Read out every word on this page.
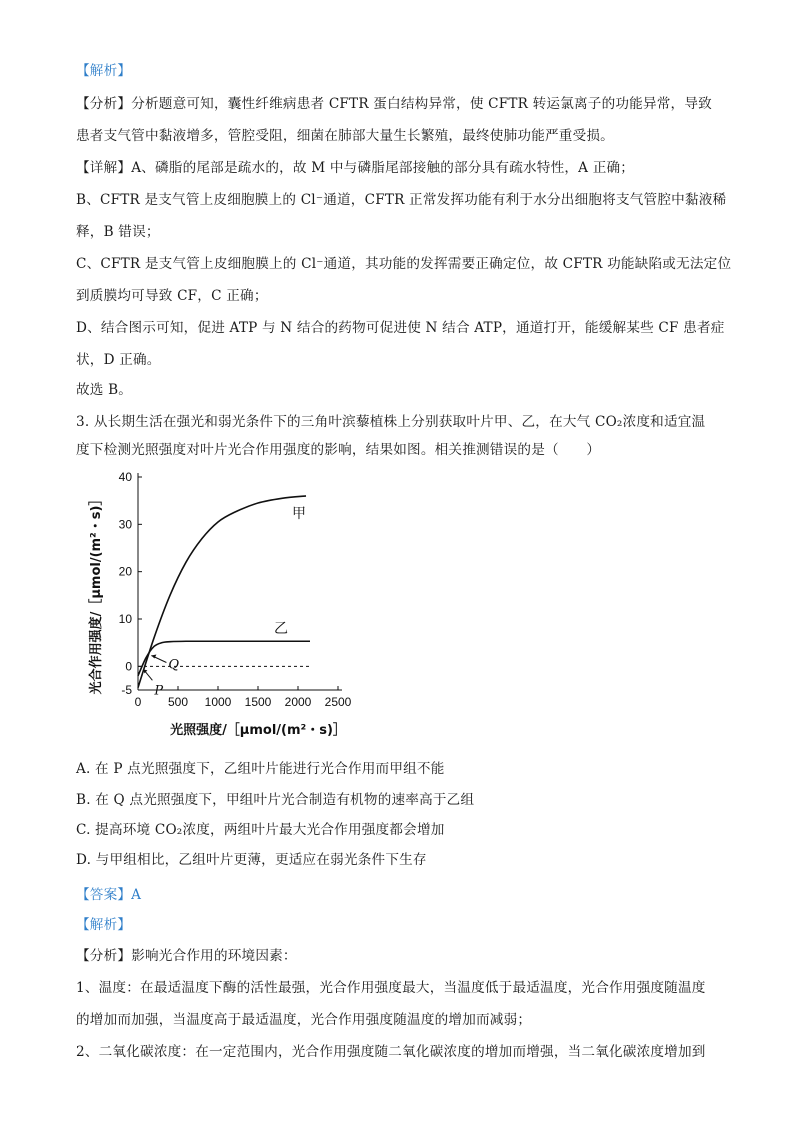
【解析】
【分析】分析题意可知，囊性纤维病患者 CFTR 蛋白结构异常，使 CFTR 转运氯离子的功能异常，导致
患者支气管中黏液增多，管腔受阻，细菌在肺部大量生长繁殖，最终使肺功能严重受损。
【详解】A、磷脂的尾部是疏水的，故 M 中与磷脂尾部接触的部分具有疏水特性，A 正确；
B、CFTR 是支气管上皮细胞膜上的 Cl⁻通道，CFTR 正常发挥功能有利于水分出细胞将支气管腔中黏液稀
释，B 错误；
C、CFTR 是支气管上皮细胞膜上的 Cl⁻通道，其功能的发挥需要正确定位，故 CFTR 功能缺陷或无法定位
到质膜均可导致 CF，C 正确；
D、结合图示可知，促进 ATP 与 N 结合的药物可促进使 N 结合 ATP，通道打开，能缓解某些 CF 患者症
状，D 正确。
故选 B。
3. 从长期生活在强光和弱光条件下的三角叶滨藜植株上分别获取叶片甲、乙，在大气 CO₂浓度和适宜温
度下检测光照强度对叶片光合作用强度的影响，结果如图。相关推测错误的是（　　）
-5
0
10
20
30
40
0 500 1000 1500 2000 2500
甲
乙
P
Q
光照强度/［μmol/(m²・s)］
光合作用强度/［μmol/(m²・s)］
A. 在 P 点光照强度下，乙组叶片能进行光合作用而甲组不能
B. 在 Q 点光照强度下，甲组叶片光合制造有机物的速率高于乙组
C. 提高环境 CO₂浓度，两组叶片最大光合作用强度都会增加
D. 与甲组相比，乙组叶片更薄，更适应在弱光条件下生存
【答案】A
【解析】
【分析】影响光合作用的环境因素：
1、温度：在最适温度下酶的活性最强，光合作用强度最大，当温度低于最适温度，光合作用强度随温度
的增加而加强，当温度高于最适温度，光合作用强度随温度的增加而减弱；
2、二氧化碳浓度：在一定范围内，光合作用强度随二氧化碳浓度的增加而增强，当二氧化碳浓度增加到
